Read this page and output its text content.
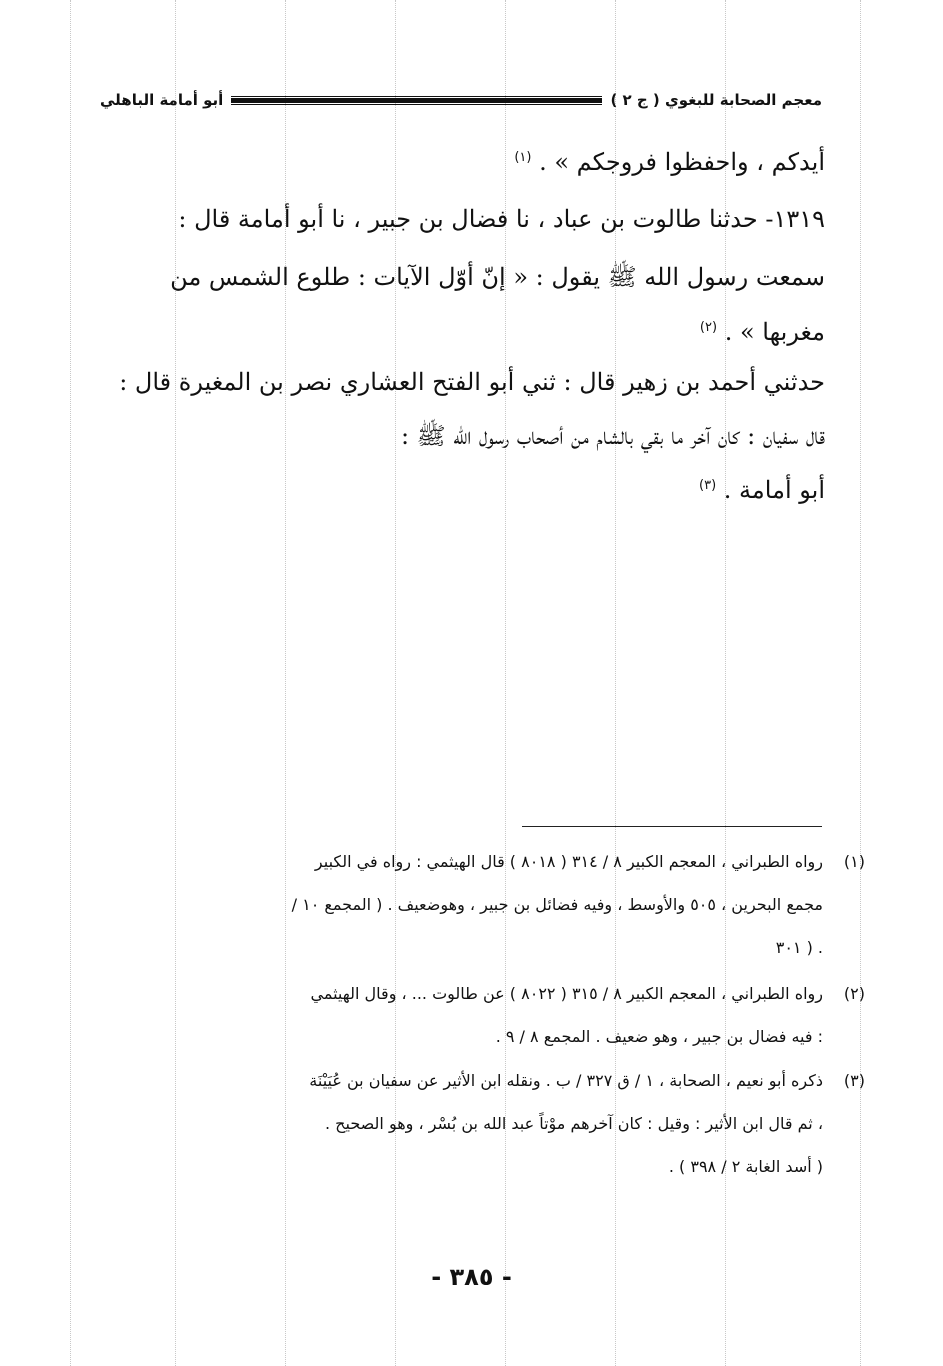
معجم الصحابة للبغوي ( ج ٢ )
أبو أمامة الباهلي
أيدكم ، واحفظوا فروجكم » . $^{(١)}$
١٣١٩- حدثنا طالوت بن عباد ، نا فضال بن جبير ، نا أبو أمامة قال :
سمعت رسول الله ﷺ يقول : « إنّ أوّل الآيات : طلوع الشمس من
مغربها » . $^{(٢)}$
حدثني أحمد بن زهير قال : ثني أبو الفتح العشاري نصر بن المغيرة قال :
قال سفيان : كان آخر ما بقي بالشام من أصحاب رسول الله ﷺ :
أبو أمامة . $^{(٣)}$
(١)
رواه الطبراني ، المعجم الكبير ٨ / ٣١٤ ( ٨٠١٨ ) قال الهيثمي : رواه في الكبير
مجمع البحرين ، ٥٠٥ والأوسط ، وفيه فضائل بن جبير ، وهوضعيف . ( المجمع ١٠ /
. ( ٣٠١
(٢)
رواه الطبراني ، المعجم الكبير ٨ / ٣١٥ ( ٨٠٢٢ ) عن طالوت ... ، وقال الهيثمي
: فيه فضال بن جبير ، وهو ضعيف . المجمع ٨ / ٩ .
(٣)
ذكره أبو نعيم ، الصحابة ، ١ / ق ٣٢٧ / ب . ونقله ابن الأثير عن سفيان بن عُيَيْنَة
، ثم قال ابن الأثير : وقيل : كان آخرهم موْتاً عبد الله بن بُسْر ، وهو الصحيح .
( أسد الغابة ٢ / ٣٩٨ ) .
- ٣٨٥ -
